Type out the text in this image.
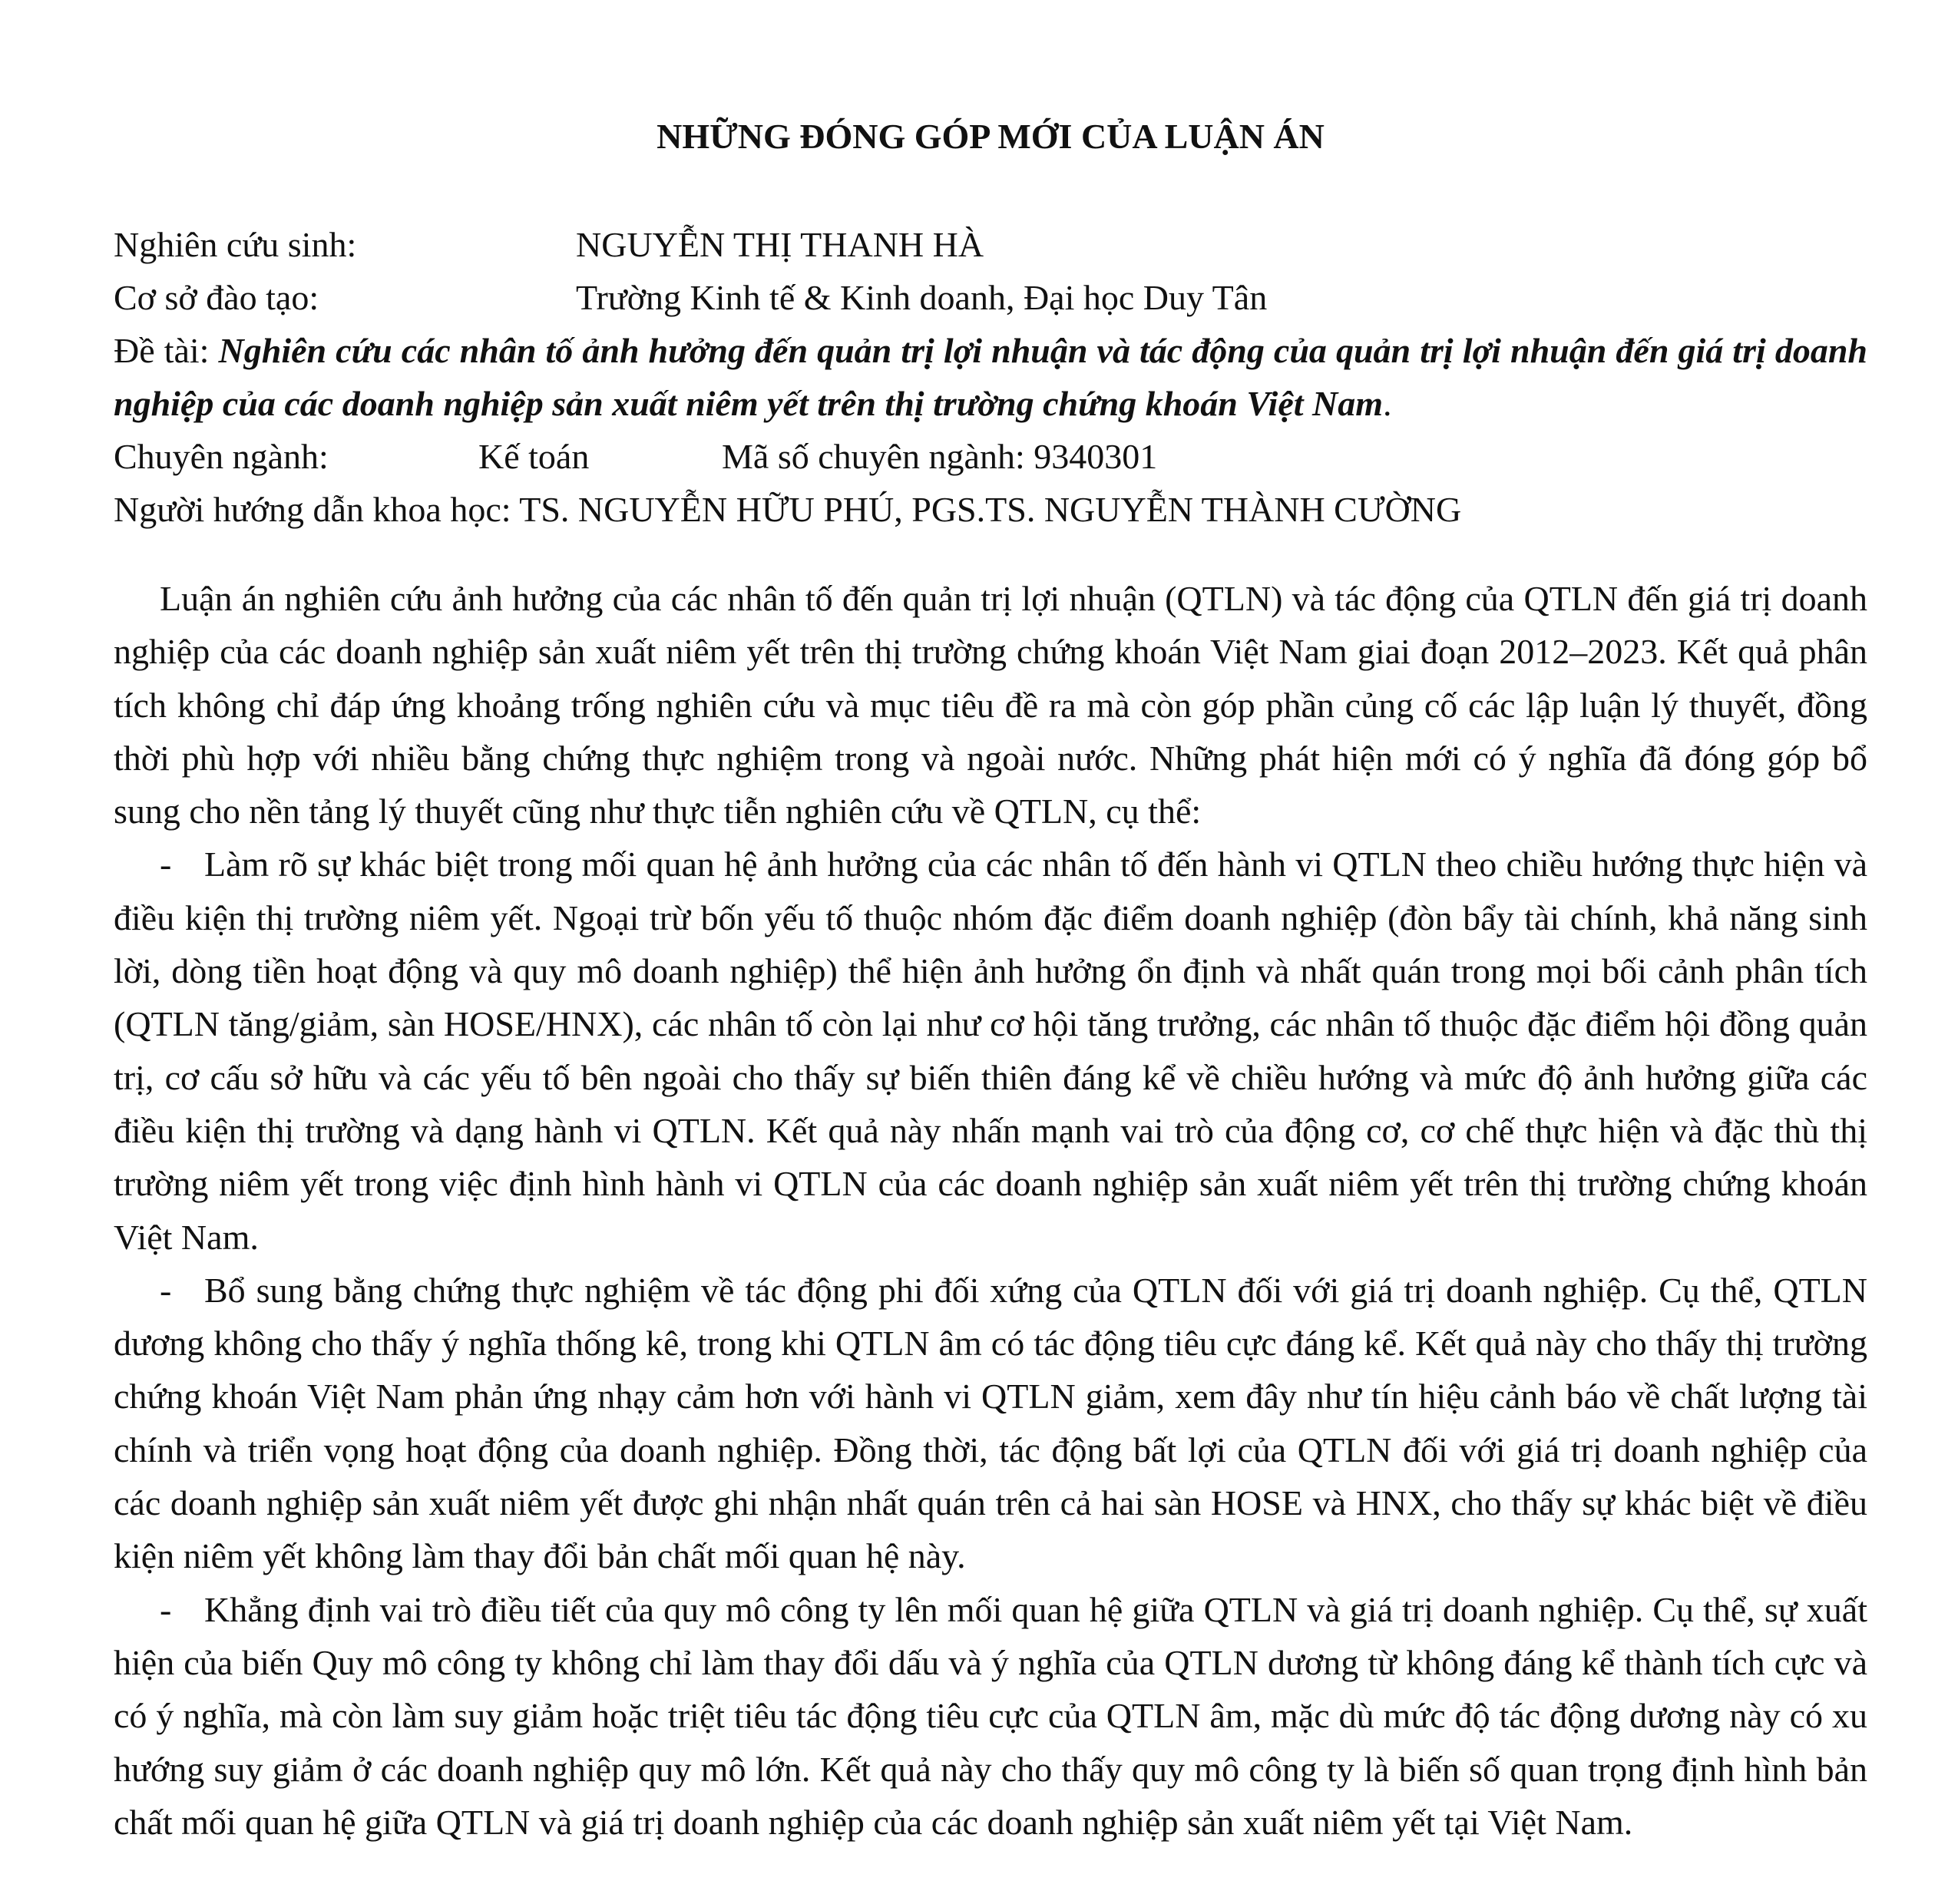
NHỮNG ĐÓNG GÓP MỚI CỦA LUẬN ÁN
Nghiên cứu sinh:	NGUYỄN THỊ THANH HÀ
Cơ sở đào tạo:	Trường Kinh tế & Kinh doanh, Đại học Duy Tân
Đề tài: Nghiên cứu các nhân tố ảnh hưởng đến quản trị lợi nhuận và tác động của quản trị lợi nhuận đến giá trị doanh nghiệp của các doanh nghiệp sản xuất niêm yết trên thị trường chứng khoán Việt Nam.
Chuyên ngành:	Kế toán	Mã số chuyên ngành: 9340301
Người hướng dẫn khoa học: TS. NGUYỄN HỮU PHÚ, PGS.TS. NGUYỄN THÀNH CƯỜNG

Luận án nghiên cứu ảnh hưởng của các nhân tố đến quản trị lợi nhuận (QTLN) và tác động của QTLN đến giá trị doanh nghiệp của các doanh nghiệp sản xuất niêm yết trên thị trường chứng khoán Việt Nam giai đoạn 2012–2023. Kết quả phân tích không chỉ đáp ứng khoảng trống nghiên cứu và mục tiêu đề ra mà còn góp phần củng cố các lập luận lý thuyết, đồng thời phù hợp với nhiều bằng chứng thực nghiệm trong và ngoài nước. Những phát hiện mới có ý nghĩa đã đóng góp bổ sung cho nền tảng lý thuyết cũng như thực tiễn nghiên cứu về QTLN, cụ thể:

- Làm rõ sự khác biệt trong mối quan hệ ảnh hưởng của các nhân tố đến hành vi QTLN theo chiều hướng thực hiện và điều kiện thị trường niêm yết. Ngoại trừ bốn yếu tố thuộc nhóm đặc điểm doanh nghiệp (đòn bẩy tài chính, khả năng sinh lời, dòng tiền hoạt động và quy mô doanh nghiệp) thể hiện ảnh hưởng ổn định và nhất quán trong mọi bối cảnh phân tích (QTLN tăng/giảm, sàn HOSE/HNX), các nhân tố còn lại như cơ hội tăng trưởng, các nhân tố thuộc đặc điểm hội đồng quản trị, cơ cấu sở hữu và các yếu tố bên ngoài cho thấy sự biến thiên đáng kể về chiều hướng và mức độ ảnh hưởng giữa các điều kiện thị trường và dạng hành vi QTLN. Kết quả này nhấn mạnh vai trò của động cơ, cơ chế thực hiện và đặc thù thị trường niêm yết trong việc định hình hành vi QTLN của các doanh nghiệp sản xuất niêm yết trên thị trường chứng khoán Việt Nam.

- Bổ sung bằng chứng thực nghiệm về tác động phi đối xứng của QTLN đối với giá trị doanh nghiệp. Cụ thể, QTLN dương không cho thấy ý nghĩa thống kê, trong khi QTLN âm có tác động tiêu cực đáng kể. Kết quả này cho thấy thị trường chứng khoán Việt Nam phản ứng nhạy cảm hơn với hành vi QTLN giảm, xem đây như tín hiệu cảnh báo về chất lượng tài chính và triển vọng hoạt động của doanh nghiệp. Đồng thời, tác động bất lợi của QTLN đối với giá trị doanh nghiệp của các doanh nghiệp sản xuất niêm yết được ghi nhận nhất quán trên cả hai sàn HOSE và HNX, cho thấy sự khác biệt về điều kiện niêm yết không làm thay đổi bản chất mối quan hệ này.

- Khẳng định vai trò điều tiết của quy mô công ty lên mối quan hệ giữa QTLN và giá trị doanh nghiệp. Cụ thể, sự xuất hiện của biến Quy mô công ty không chỉ làm thay đổi dấu và ý nghĩa của QTLN dương từ không đáng kể thành tích cực và có ý nghĩa, mà còn làm suy giảm hoặc triệt tiêu tác động tiêu cực của QTLN âm, mặc dù mức độ tác động dương này có xu hướng suy giảm ở các doanh nghiệp quy mô lớn. Kết quả này cho thấy quy mô công ty là biến số quan trọng định hình bản chất mối quan hệ giữa QTLN và giá trị doanh nghiệp của các doanh nghiệp sản xuất niêm yết tại Việt Nam.
